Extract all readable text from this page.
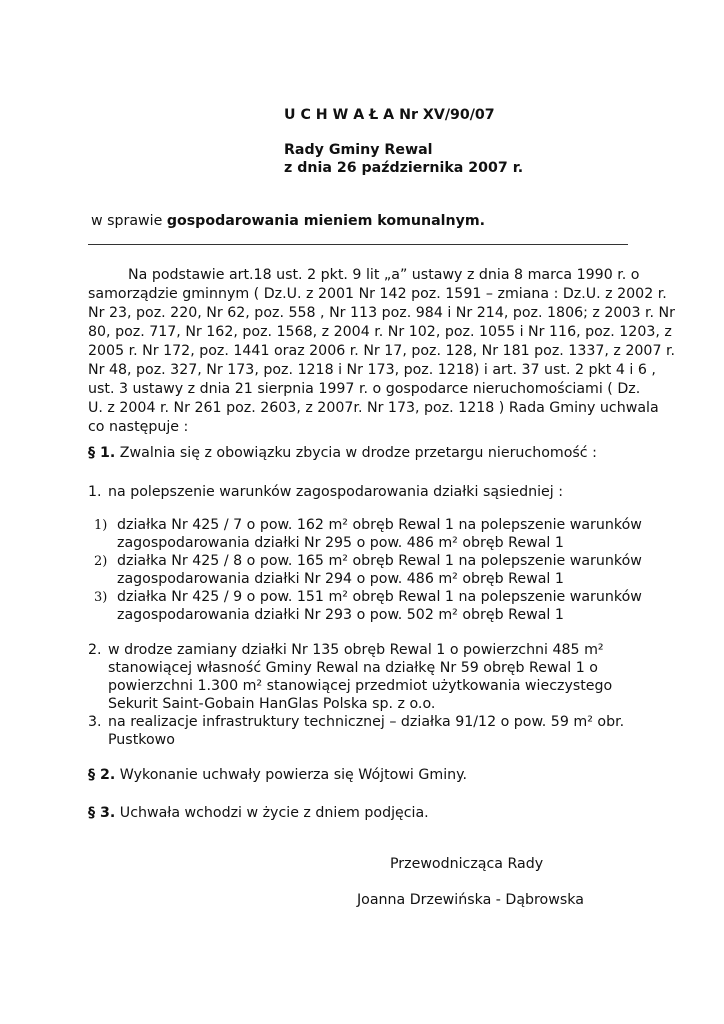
U C H W A Ł A Nr XV/90/07
Rady Gminy Rewal
z dnia 26 października 2007 r.
w sprawie gospodarowania mieniem komunalnym.
Na podstawie art.18 ust. 2 pkt. 9 lit „a” ustawy z dnia 8 marca 1990 r. o
samorządzie gminnym ( Dz.U. z 2001 Nr 142 poz. 1591 – zmiana : Dz.U. z 2002 r.
Nr 23, poz. 220, Nr 62, poz. 558 , Nr 113 poz. 984 i Nr 214, poz. 1806; z 2003 r. Nr
80, poz. 717, Nr 162, poz. 1568, z 2004 r. Nr 102, poz. 1055 i Nr 116, poz. 1203, z
2005 r. Nr 172, poz. 1441 oraz 2006 r. Nr 17, poz. 128, Nr 181 poz. 1337, z 2007 r.
Nr 48, poz. 327, Nr 173, poz. 1218 i Nr 173, poz. 1218) i art. 37 ust. 2 pkt 4 i 6 ,
ust. 3 ustawy z dnia 21 sierpnia 1997 r. o gospodarce nieruchomościami ( Dz.
U. z 2004 r. Nr 261 poz. 2603, z 2007r. Nr 173, poz. 1218 ) Rada Gminy uchwala
co następuje :
§ 1. Zwalnia się z obowiązku zbycia w drodze przetargu nieruchomość :
1. na polepszenie warunków zagospodarowania działki sąsiedniej :
1) działka Nr 425 / 7 o pow. 162 m² obręb Rewal 1 na polepszenie warunków
zagospodarowania działki Nr 295 o pow. 486 m² obręb Rewal 1
2) działka Nr 425 / 8 o pow. 165 m² obręb Rewal 1 na polepszenie warunków
zagospodarowania działki Nr 294 o pow. 486 m² obręb Rewal 1
3) działka Nr 425 / 9 o pow. 151 m² obręb Rewal 1 na polepszenie warunków
zagospodarowania działki Nr 293 o pow. 502 m² obręb Rewal 1
2. w drodze zamiany działki Nr 135 obręb Rewal 1 o powierzchni 485 m²
stanowiącej własność Gminy Rewal na działkę Nr 59 obręb Rewal 1 o
powierzchni 1.300 m² stanowiącej przedmiot użytkowania wieczystego
Sekurit Saint-Gobain HanGlas Polska sp. z o.o.
3. na realizacje infrastruktury technicznej – działka 91/12 o pow. 59 m² obr.
Pustkowo
§ 2. Wykonanie uchwały powierza się Wójtowi Gminy.
§ 3. Uchwała wchodzi w życie z dniem podjęcia.
Przewodnicząca Rady
Joanna Drzewińska - Dąbrowska
